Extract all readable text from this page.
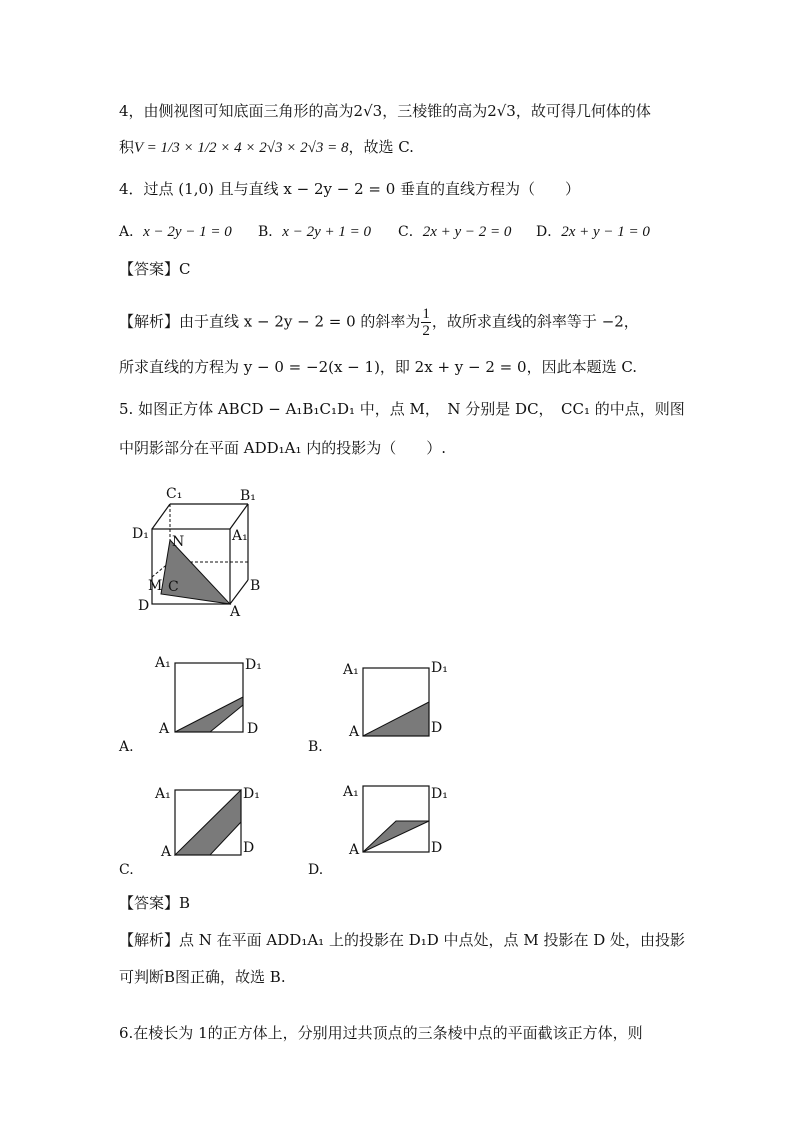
4，由侧视图可知底面三角形的高为2√3，三棱锥的高为2√3，故可得几何体的体
积V = 1/3 × 1/2 × 4 × 2√3 × 2√3 = 8，故选 C.
4．过点 (1,0) 且与直线 x − 2y − 2 = 0 垂直的直线方程为（　　）
A．x − 2y − 1 = 0 B．x − 2y + 1 = 0 C．2x + y − 2 = 0 D．2x + y − 1 = 0
【答案】C
【解析】由于直线 x − 2y − 2 = 0 的斜率为 $\frac{1}{2}$ ，故所求直线的斜率等于 −2，
所求直线的方程为 y − 0 = −2(x − 1)，即 2x + y − 2 = 0，因此本题选 C.
5. 如图正方体 ABCD − A₁B₁C₁D₁ 中，点 M，　N 分别是 DC，　CC₁ 的中点，则图
中阴影部分在平面 ADD₁A₁ 内的投影为（　　）.
C₁	B₁
D₁	A₁
N
M C	B
D	A
A₁	D₁
A	D
A.
A₁	D₁
A	D
B.
A₁	D₁
A	D
C.
A₁	D₁
A	D
D.
【答案】B
【解析】点 N 在平面 ADD₁A₁ 上的投影在 D₁D 中点处，点 M 投影在 D 处，由投影
可判断B图正确，故选 B.
6.在棱长为 1的正方体上，分别用过共顶点的三条棱中点的平面截该正方体，则
